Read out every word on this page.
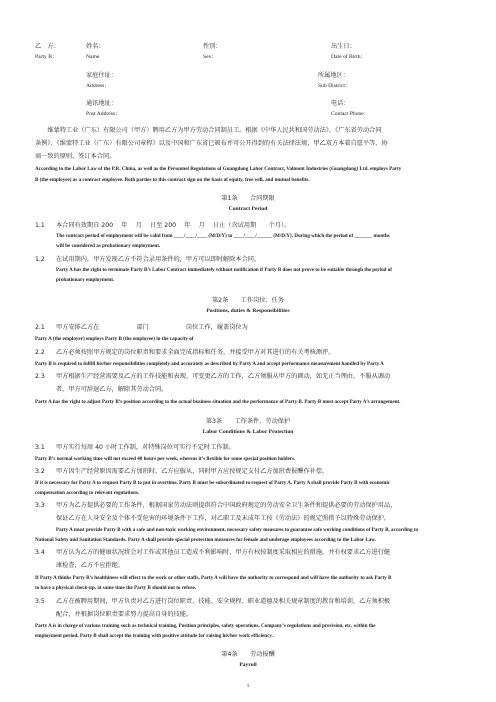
乙　方：
Party B：
姓名：
Name
性别：
Sex：
出生日：
Date of Birth：
家庭住址：
Address：
所属地区：
Sub District：
通讯地址：
Post Address：
电话：
Contact Phone：
　　维蒙特工业（广东）有限公司（甲方）聘用乙方为甲方劳动合同制员工。根据《中华人民共和国劳动法》、《广东省劳动合同
条例》、《维蒙特工业（广东）有限公司章程》以及中国和广东省已颁布并可公开得到的有关法律法规，甲乙双方本着自愿平等、协
商一致的原则，签订本合同。
According to the Labor Law of the P.R. China, as well as the Personnel Regulations of Guangdong Labor Contract, Valmont Industries (Guangdong) Ltd. employs Party
B (the employee) as a contract employee. Both parties to this contract sign on the basis of equity, free will, and mutual benefits.
第1条　　合同期限
Contract Period
1.1 本合同有效期自 200　 年　 月　 日至 200　 年　 月　 日止（含试用期　　个月）。
The contract period of employment will be valid from ____/____/____ (M/D/Y) to ____/____/______ (M/D/Y). During which the period of _______ months
will be considered as probationary employment.
1.2 在试用期内，甲方发现乙方不符合录用条件的，甲方可以即时解除本合同。
Party A has the right to terminate Party B’s Labor Contract immediately without notification if Party B does not prove to be suitable through the period of
probationary employment.
第2条　　工作岗位、任务
Positions, duties & Responsibilities
2.1 甲方安排乙方在　　　　　　部门　　　　　　岗位工作，履盖岗位为
Party A (the employer) employs Party B (the employee) in the capacity of
2.2 乙方必须按照甲方规定的岗位职责和要求全面完成指标和任务，并接受甲方对其进行的有关考核测评。
Party B is required to fulfill his/her responsibilities completely and accurately as described by Party A and accept performance measurement handled by Party A
2.3 甲方根据生产经营需要及乙方的工作技能和表现，可变更乙方的工作，乙方须服从甲方的调动，如无正当理由，不服从调动
者，甲方可辞退乙方，解除其劳动合同。
Party A has the right to adjust Party B’s position according to the actual business situation and the performance of Party B. Party B must accept Party A’s arrangement.
第3条　　工作条件、劳动保护
Labor Conditions & Labor Protection
3.1 甲方实行每周 40 小时工作制，对特殊岗位可实行不定时工作制。
Party B’s normal working time will not exceed 40 hours per week, whereas it’s flexible for some special position holders.
3.2 甲方因生产经营原因需要乙方加班时，乙方应服从，同时甲方应按规定支付乙方加班费报酬作补偿。
If it is necessary for Party A to request Party B to put in overtime, Party B must be subordinated to request of Party A. Party A shall provide Party B with economic
compensation according to relevant regulations.
3.3 甲方为乙方提供必要的工作条件，根据国家劳动法则提供符合中国政府规定的劳动安全卫生条件和提供必要的劳动保护用品，
保证乙方在人身安全及个体不受危害的环境条件下工作，对乙职工及未成年工按《劳动法》的规定照措予以特殊劳动保护。
Party A must provide Party B with a safe and non-toxic working environment, necessary safety measures to guarantee safe working conditions of Party B, according to
National Safety and Sanitation Standards. Party A shall provide special protection measures for female and underage employees according to the Labor Law.
3.4 甲方认为乙方的健康状况将会对工作或其他员工造成不利影响时，甲方有权按制度采取相应的措施，并有权要求乙方进行健
康检查，乙方不应拒绝。
If Party A thinks Party B’s healthiness will effect to the work or other staffs, Party A will have the authority to correspond and will have the authority to ask Party B
to have a physical check-up, at same time the Party B should not to refuse.
3.5 乙方在被聘用期间，甲方负责对乙方进行岗位职责、技能、安全规程、职业道德及相关规章制度的教育和培训，乙方须积极
配合，并根据岗位职责要求努力提高自身的技能。
Party A is in charge of various training such as technical training, Position principles, safety operations, Company’s regulations and provision, etc. within the
employment period. Party B shall accept the training with positive attitude for raising his/her work efficiency.
第4条　　劳动报酬
Payroll
1
